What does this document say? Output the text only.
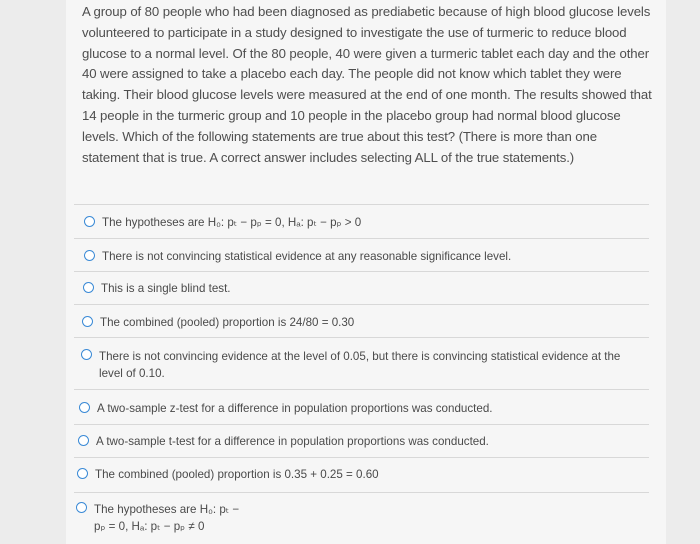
A group of 80 people who had been diagnosed as prediabetic because of high blood glucose levels volunteered to participate in a study designed to investigate the use of turmeric to reduce blood glucose to a normal level. Of the 80 people, 40 were given a turmeric tablet each day and the other 40 were assigned to take a placebo each day. The people did not know which tablet they were taking. Their blood glucose levels were measured at the end of one month. The results showed that 14 people in the turmeric group and 10 people in the placebo group had normal blood glucose levels. Which of the following statements are true about this test? (There is more than one statement that is true. A correct answer includes selecting ALL of the true statements.)
The hypotheses are H₀: pₜ − pₚ = 0, Hₐ: pₜ − pₚ > 0
There is not convincing statistical evidence at any reasonable significance level.
This is a single blind test.
The combined (pooled) proportion is 24/80 = 0.30
There is not convincing evidence at the level of 0.05, but there is convincing statistical evidence at the level of 0.10.
A two-sample z-test for a difference in population proportions was conducted.
A two-sample t-test for a difference in population proportions was conducted.
The combined (pooled) proportion is 0.35 + 0.25 = 0.60
The hypotheses are H₀: pₜ − pₚ = 0, Hₐ: pₜ − pₚ ≠ 0
